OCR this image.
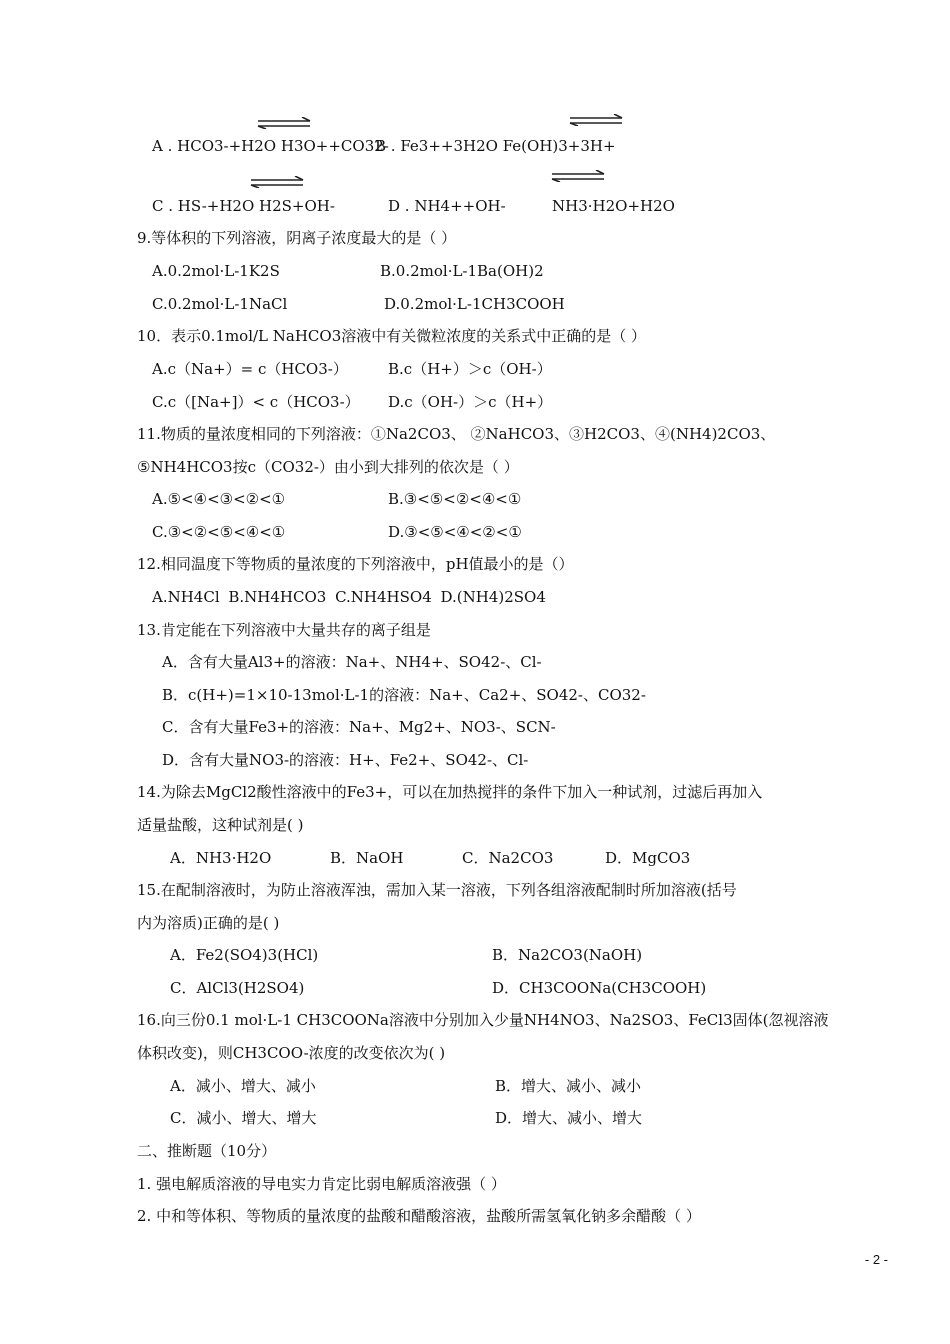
A . HCO3-+H2O H3O++CO32-
B . Fe3++3H2O Fe(OH)3+3H+
C . HS-+H2O H2S+OH-	D . NH4++OH-	NH3·H2O+H2O
9.等体积的下列溶液，阴离子浓度最大的是（ ）
A.0.2mol·L-1K2S	B.0.2mol·L-1Ba(OH)2
C.0.2mol·L-1NaCl	D.0.2mol·L-1CH3COOH
10．表示0.1mol/L NaHCO3溶液中有关微粒浓度的关系式中正确的是（ ）
A.c（Na+）= c（HCO3-）	B.c（H+）＞c（OH-）
C.c（[Na+]）< c（HCO3-） D.c（OH-）＞c（H+）
11.物质的量浓度相同的下列溶液：①Na2CO3、 ②NaHCO3、③H2CO3、④(NH4)2CO3、
⑤NH4HCO3按c（CO32-）由小到大排列的依次是（ ）
A.⑤<④<③<②<①	B.③<⑤<②<④<①
C.③<②<⑤<④<①	D.③<⑤<④<②<①
12.相同温度下等物质的量浓度的下列溶液中，pH值最小的是（）
A.NH4Cl B.NH4HCO3 C.NH4HSO4 D.(NH4)2SO4
13.肯定能在下列溶液中大量共存的离子组是
A．含有大量Al3+的溶液：Na+、NH4+、SO42-、Cl-
B．c(H+)=1×10-13mol·L-1的溶液：Na+、Ca2+、SO42-、CO32-
C．含有大量Fe3+的溶液：Na+、Mg2+、NO3-、SCN-
D．含有大量NO3-的溶液：H+、Fe2+、SO42-、Cl-
14.为除去MgCl2酸性溶液中的Fe3+，可以在加热搅拌的条件下加入一种试剂，过滤后再加入
适量盐酸，这种试剂是( )
A．NH3·H2O	B．NaOH	C．Na2CO3	D．MgCO3
15.在配制溶液时，为防止溶液浑浊，需加入某一溶液，下列各组溶液配制时所加溶液(括号
内为溶质)正确的是( )
A．Fe2(SO4)3(HCl)	B．Na2CO3(NaOH)
C．AlCl3(H2SO4)	D．CH3COONa(CH3COOH)
16.向三份0.1 mol·L-1 CH3COONa溶液中分别加入少量NH4NO3、Na2SO3、FeCl3固体(忽视溶液
体积改变)，则CH3COO-浓度的改变依次为( )
A．减小、增大、减小	B．增大、减小、减小
C．减小、增大、增大	D．增大、减小、增大
二、推断题（10分）
1. 强电解质溶液的导电实力肯定比弱电解质溶液强（ ）
2. 中和等体积、等物质的量浓度的盐酸和醋酸溶液，盐酸所需氢氧化钠多余醋酸（ ）
- 2 -
